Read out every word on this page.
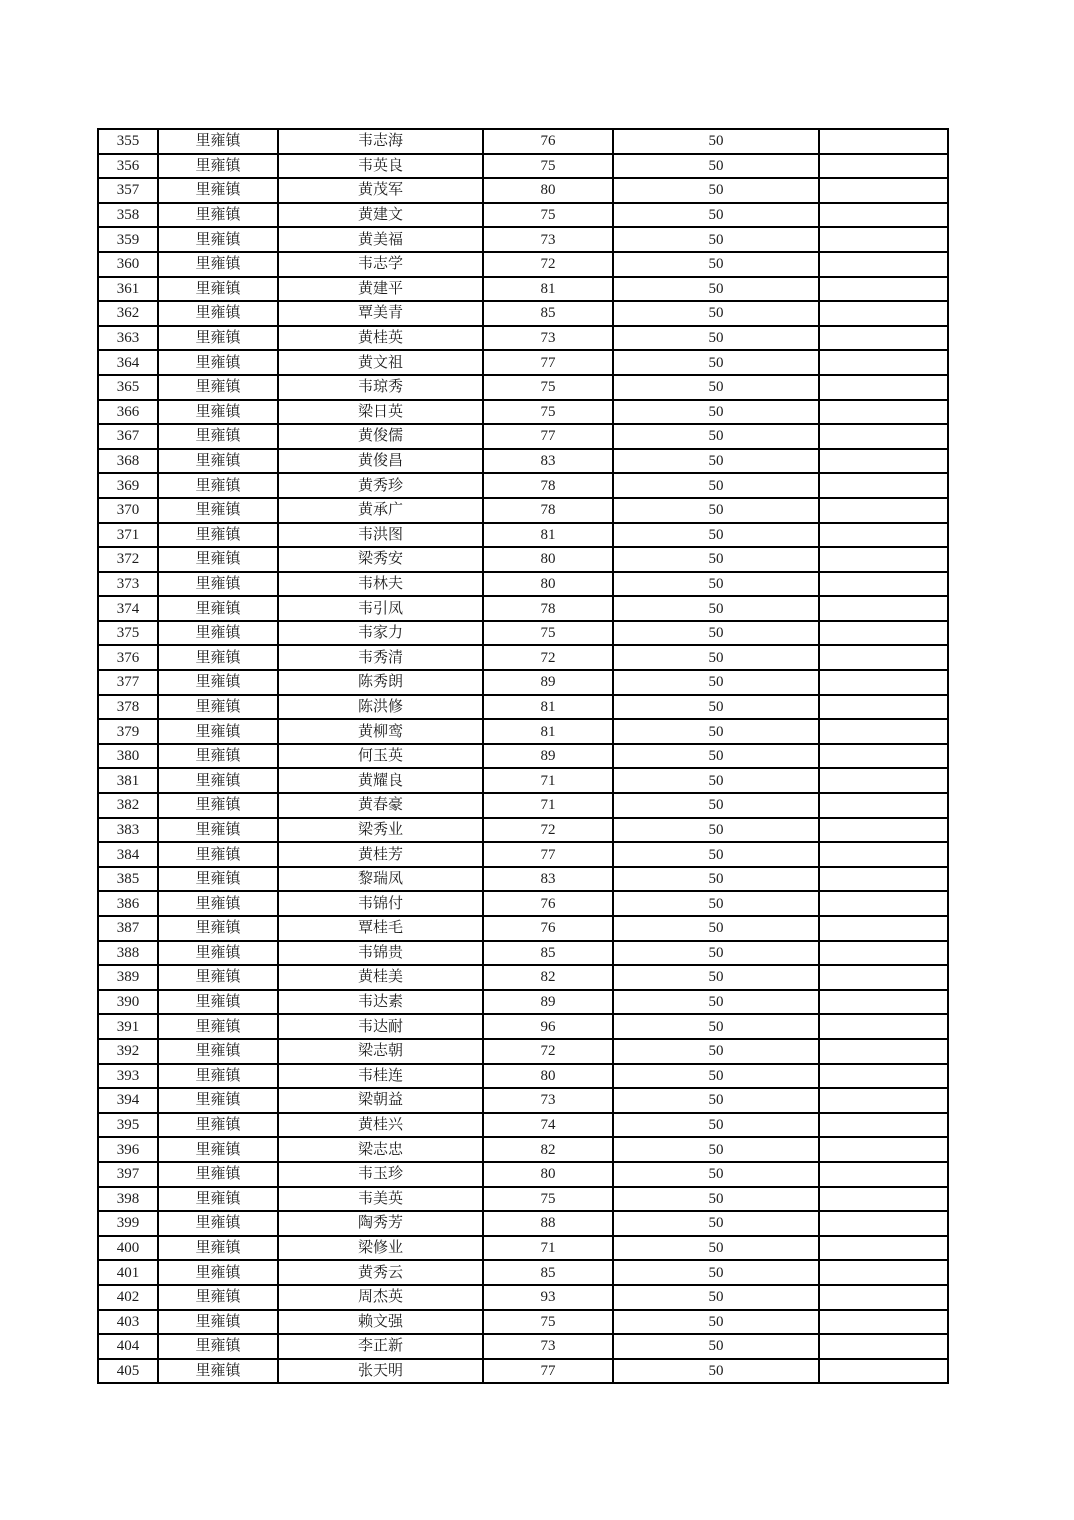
355	里雍镇	韦志海	76	50	
356	里雍镇	韦英良	75	50	
357	里雍镇	黄茂军	80	50	
358	里雍镇	黄建文	75	50	
359	里雍镇	黄美福	73	50	
360	里雍镇	韦志学	72	50	
361	里雍镇	黄建平	81	50	
362	里雍镇	覃美青	85	50	
363	里雍镇	黄桂英	73	50	
364	里雍镇	黄文祖	77	50	
365	里雍镇	韦琼秀	75	50	
366	里雍镇	梁日英	75	50	
367	里雍镇	黄俊儒	77	50	
368	里雍镇	黄俊昌	83	50	
369	里雍镇	黄秀珍	78	50	
370	里雍镇	黄承广	78	50	
371	里雍镇	韦洪图	81	50	
372	里雍镇	梁秀安	80	50	
373	里雍镇	韦林夫	80	50	
374	里雍镇	韦引凤	78	50	
375	里雍镇	韦家力	75	50	
376	里雍镇	韦秀清	72	50	
377	里雍镇	陈秀朗	89	50	
378	里雍镇	陈洪修	81	50	
379	里雍镇	黄柳鸾	81	50	
380	里雍镇	何玉英	89	50	
381	里雍镇	黄耀良	71	50	
382	里雍镇	黄春豪	71	50	
383	里雍镇	梁秀业	72	50	
384	里雍镇	黄桂芳	77	50	
385	里雍镇	黎瑞凤	83	50	
386	里雍镇	韦锦付	76	50	
387	里雍镇	覃桂毛	76	50	
388	里雍镇	韦锦贵	85	50	
389	里雍镇	黄桂美	82	50	
390	里雍镇	韦达素	89	50	
391	里雍镇	韦达耐	96	50	
392	里雍镇	梁志朝	72	50	
393	里雍镇	韦桂连	80	50	
394	里雍镇	梁朝益	73	50	
395	里雍镇	黄桂兴	74	50	
396	里雍镇	梁志忠	82	50	
397	里雍镇	韦玉珍	80	50	
398	里雍镇	韦美英	75	50	
399	里雍镇	陶秀芳	88	50	
400	里雍镇	梁修业	71	50	
401	里雍镇	黄秀云	85	50	
402	里雍镇	周杰英	93	50	
403	里雍镇	赖文强	75	50	
404	里雍镇	李正新	73	50	
405	里雍镇	张天明	77	50	
